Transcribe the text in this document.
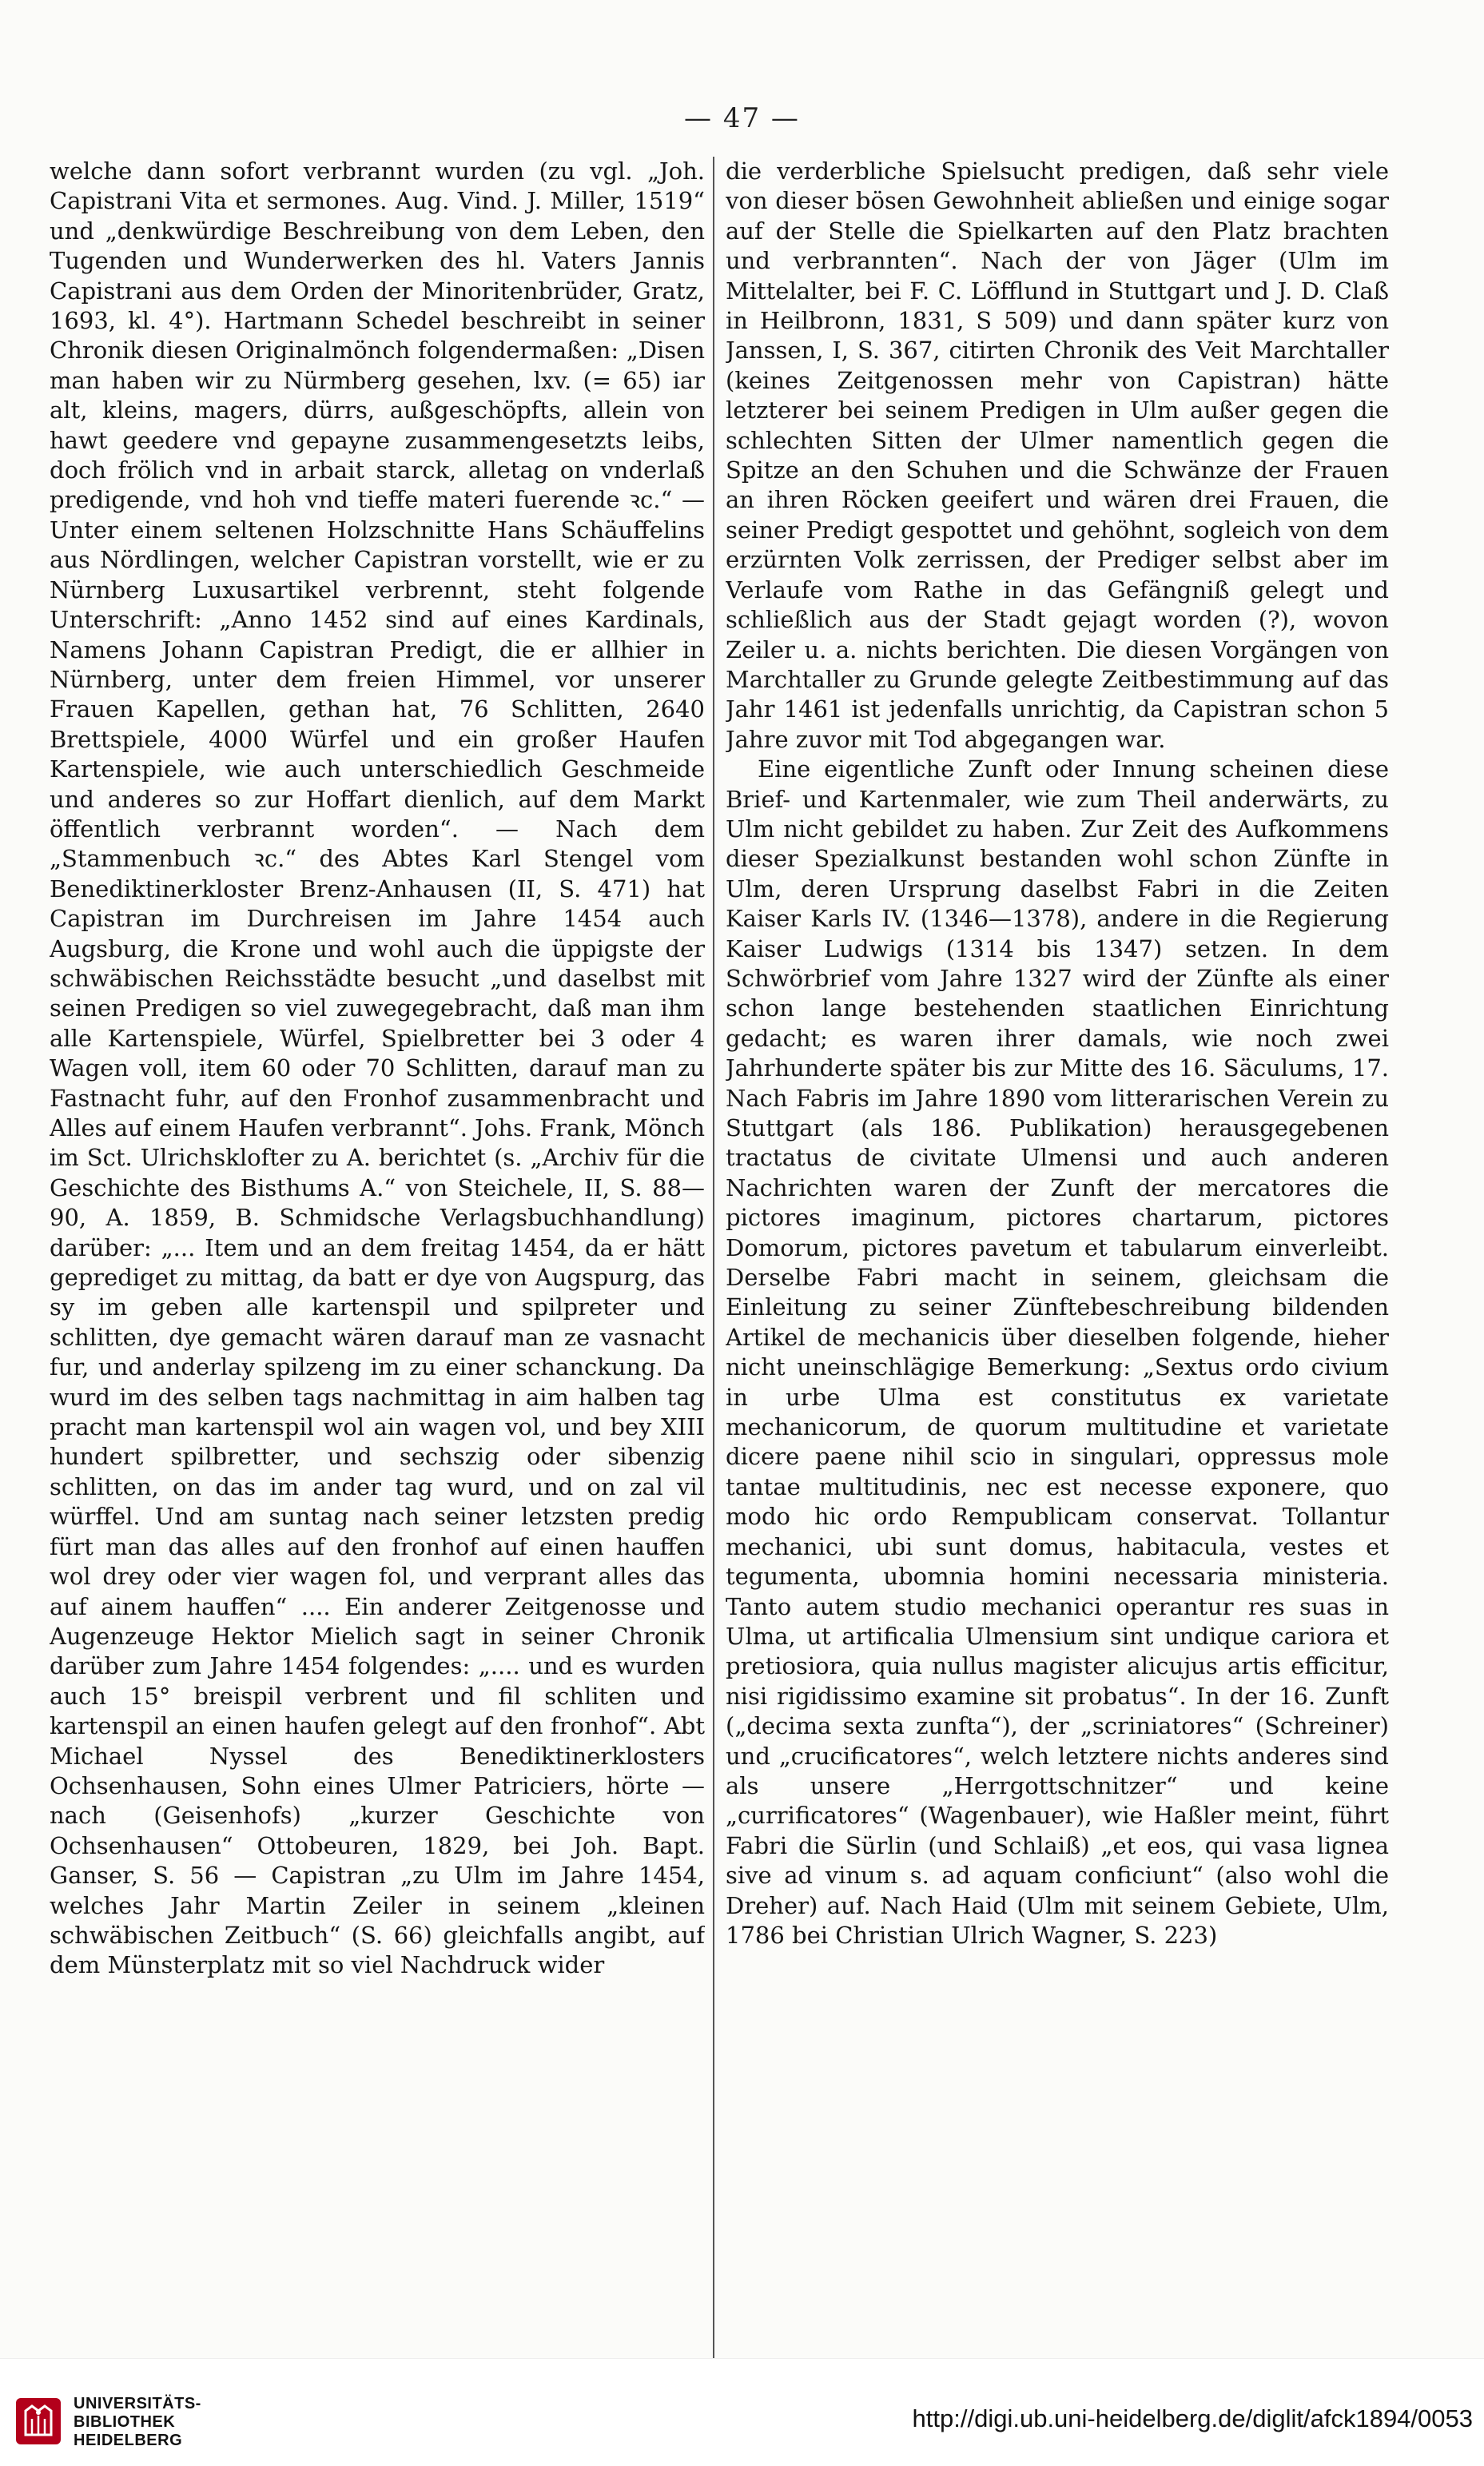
— 47 —

welche dann sofort verbrannt wurden (zu vgl. „Joh. Capistrani Vita et sermones. Aug. Vind. J. Miller, 1519“ und „denkwürdige Beschreibung von dem Leben, den Tugenden und Wunderwerken des hl. Vaters Jannis Capistrani aus dem Orden der Minoritenbrüder, Gratz, 1693, kl. 4°). Hartmann Schedel beschreibt in seiner Chronik diesen Originalmönch folgendermaßen: „Disen man haben wir zu Nürmberg gesehen, lxv. (= 65) iar alt, kleins, magers, dürrs, außgeschöpfts, allein von hawt geedere vnd gepayne zusammengesetzts leibs, doch frölich vnd in arbait starck, alletag on vnderlaß predigende, vnd hoh vnd tieffe materi fuerende ꝛc.“ — Unter einem seltenen Holzschnitte Hans Schäuffelins aus Nördlingen, welcher Capistran vorstellt, wie er zu Nürnberg Luxusartikel verbrennt, steht folgende Unterschrift: „Anno 1452 sind auf eines Kardinals, Namens Johann Capistran Predigt, die er allhier in Nürnberg, unter dem freien Himmel, vor unserer Frauen Kapellen, gethan hat, 76 Schlitten, 2640 Brettspiele, 4000 Würfel und ein großer Haufen Kartenspiele, wie auch unterschiedlich Geschmeide und anderes so zur Hoffart dienlich, auf dem Markt öffentlich verbrannt worden“. — Nach dem „Stammenbuch ꝛc.“ des Abtes Karl Stengel vom Benediktinerkloster Brenz-Anhausen (II, S. 471) hat Capistran im Durchreisen im Jahre 1454 auch Augsburg, die Krone und wohl auch die üppigste der schwäbischen Reichsstädte besucht „und daselbst mit seinen Predigen so viel zuwegegebracht, daß man ihm alle Kartenspiele, Würfel, Spielbretter bei 3 oder 4 Wagen voll, item 60 oder 70 Schlitten, darauf man zu Fastnacht fuhr, auf den Fronhof zusammenbracht und Alles auf einem Haufen verbrannt“. Johs. Frank, Mönch im Sct. Ulrichsklofter zu A. berichtet (s. „Archiv für die Geschichte des Bisthums A.“ von Steichele, II, S. 88—90, A. 1859, B. Schmidsche Verlagsbuchhandlung) darüber: „... Item und an dem freitag 1454, da er hätt geprediget zu mittag, da batt er dye von Augspurg, das sy im geben alle kartenspil und spilpreter und schlitten, dye gemacht wären darauf man ze vasnacht fur, und anderlay spilzeng im zu einer schanckung. Da wurd im des selben tags nachmittag in aim halben tag pracht man kartenspil wol ain wagen vol, und bey XIII hundert spilbretter, und sechszig oder sibenzig schlitten, on das im ander tag wurd, und on zal vil würffel. Und am suntag nach seiner letzsten predig fürt man das alles auf den fronhof auf einen hauffen wol drey oder vier wagen fol, und verprant alles das auf ainem hauffen“ .... Ein anderer Zeitgenosse und Augenzeuge Hektor Mielich sagt in seiner Chronik darüber zum Jahre 1454 folgendes: „.... und es wurden auch 15° breispil verbrent und fil schliten und kartenspil an einen haufen gelegt auf den fronhof“. Abt Michael Nyssel des Benediktinerklosters Ochsenhausen, Sohn eines Ulmer Patriciers, hörte — nach (Geisenhofs) „kurzer Geschichte von Ochsenhausen“ Ottobeuren, 1829, bei Joh. Bapt. Ganser, S. 56 — Capistran „zu Ulm im Jahre 1454, welches Jahr Martin Zeiler in seinem „kleinen schwäbischen Zeitbuch“ (S. 66) gleichfalls angibt, auf dem Münsterplatz mit so viel Nachdruck wider

die verderbliche Spielsucht predigen, daß sehr viele von dieser bösen Gewohnheit abließen und einige sogar auf der Stelle die Spielkarten auf den Platz brachten und verbrannten“. Nach der von Jäger (Ulm im Mittelalter, bei F. C. Löfflund in Stuttgart und J. D. Claß in Heilbronn, 1831, S 509) und dann später kurz von Janssen, I, S. 367, citirten Chronik des Veit Marchtaller (keines Zeitgenossen mehr von Capistran) hätte letzterer bei seinem Predigen in Ulm außer gegen die schlechten Sitten der Ulmer namentlich gegen die Spitze an den Schuhen und die Schwänze der Frauen an ihren Röcken geeifert und wären drei Frauen, die seiner Predigt gespottet und gehöhnt, sogleich von dem erzürnten Volk zerrissen, der Prediger selbst aber im Verlaufe vom Rathe in das Gefängniß gelegt und schließlich aus der Stadt gejagt worden (?), wovon Zeiler u. a. nichts berichten. Die diesen Vorgängen von Marchtaller zu Grunde gelegte Zeitbestimmung auf das Jahr 1461 ist jedenfalls unrichtig, da Capistran schon 5 Jahre zuvor mit Tod abgegangen war.

Eine eigentliche Zunft oder Innung scheinen diese Brief- und Kartenmaler, wie zum Theil anderwärts, zu Ulm nicht gebildet zu haben. Zur Zeit des Aufkommens dieser Spezialkunst bestanden wohl schon Zünfte in Ulm, deren Ursprung daselbst Fabri in die Zeiten Kaiser Karls IV. (1346—1378), andere in die Regierung Kaiser Ludwigs (1314 bis 1347) setzen. In dem Schwörbrief vom Jahre 1327 wird der Zünfte als einer schon lange bestehenden staatlichen Einrichtung gedacht; es waren ihrer damals, wie noch zwei Jahrhunderte später bis zur Mitte des 16. Säculums, 17. Nach Fabris im Jahre 1890 vom litterarischen Verein zu Stuttgart (als 186. Publikation) herausgegebenen tractatus de civitate Ulmensi und auch anderen Nachrichten waren der Zunft der mercatores die pictores imaginum, pictores chartarum, pictores Domorum, pictores pavetum et tabularum einverleibt. Derselbe Fabri macht in seinem, gleichsam die Einleitung zu seiner Zünftebeschreibung bildenden Artikel de mechanicis über dieselben folgende, hieher nicht uneinschlägige Bemerkung: „Sextus ordo civium in urbe Ulma est constitutus ex varietate mechanicorum, de quorum multitudine et varietate dicere paene nihil scio in singulari, oppressus mole tantae multitudinis, nec est necesse exponere, quo modo hic ordo Rempublicam conservat. Tollantur mechanici, ubi sunt domus, habitacula, vestes et tegumenta, ubomnia homini necessaria ministeria. Tanto autem studio mechanici operantur res suas in Ulma, ut artificalia Ulmensium sint undique cariora et pretiosiora, quia nullus magister alicujus artis efficitur, nisi rigidissimo examine sit probatus“. In der 16. Zunft („decima sexta zunfta“), der „scriniatores“ (Schreiner) und „crucificatores“, welch letztere nichts anderes sind als unsere „Herrgottschnitzer“ und keine „currificatores“ (Wagenbauer), wie Haßler meint, führt Fabri die Sürlin (und Schlaiß) „et eos, qui vasa lignea sive ad vinum s. ad aquam conficiunt“ (also wohl die Dreher) auf. Nach Haid (Ulm mit seinem Gebiete, Ulm, 1786 bei Christian Ulrich Wagner, S. 223)

UNIVERSITÄTS-
BIBLIOTHEK
HEIDELBERG
http://digi.ub.uni-heidelberg.de/diglit/afck1894/0053
